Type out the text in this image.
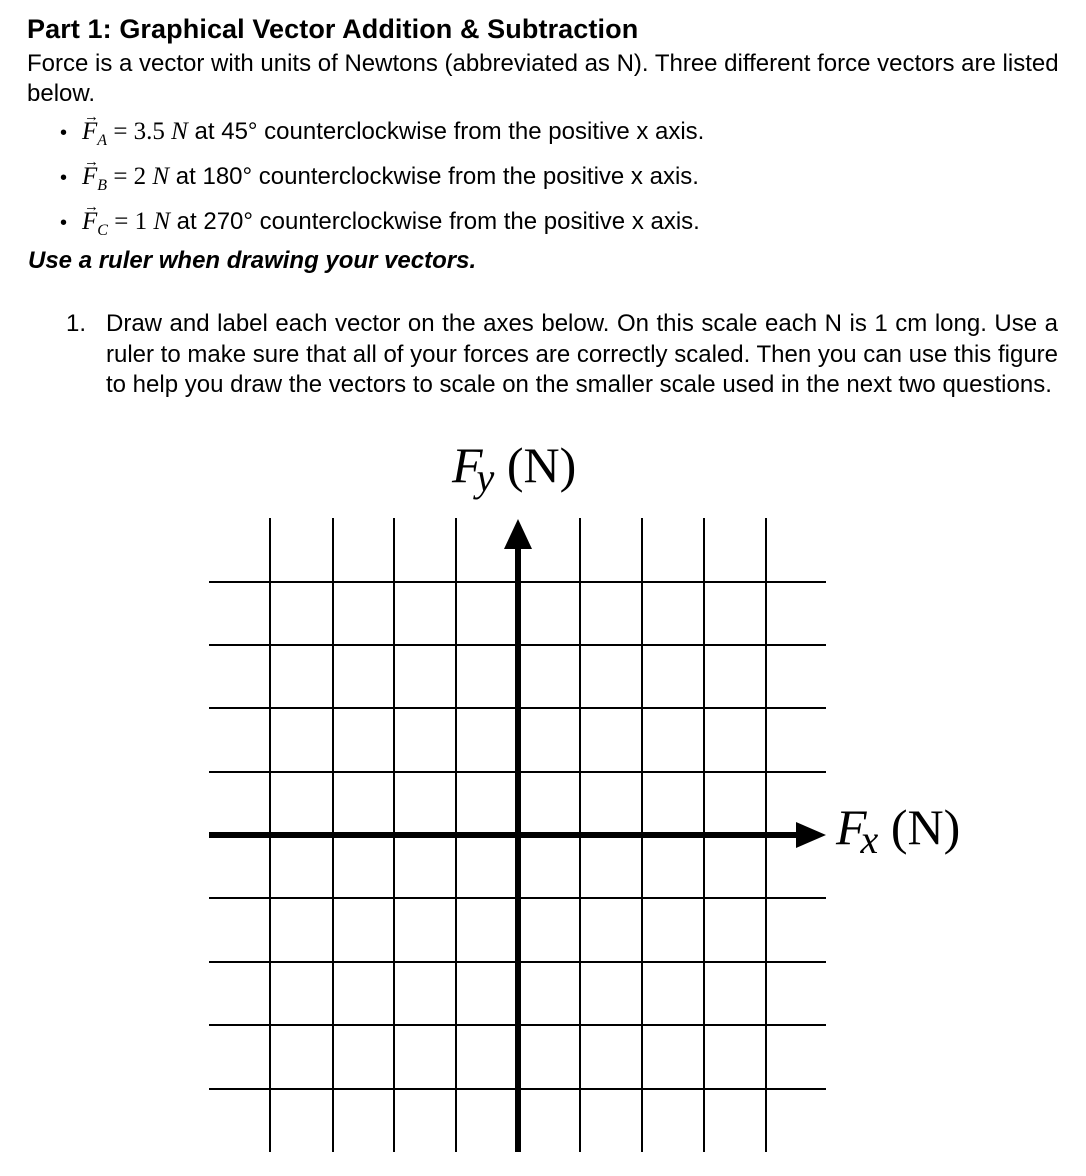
Part 1: Graphical Vector Addition & Subtraction
Force is a vector with units of Newtons (abbreviated as N). Three different force vectors are listed below.
• → $F_A = 3.5$ N
at 45° counterclockwise from the positive x axis.
• → $F_B = 2$ N
at 180° counterclockwise from the positive x axis.
• → $F_C = 1$ N
at 270° counterclockwise from the positive x axis.
Use a ruler when drawing your vectors.
1. Draw and label each vector on the axes below. On this scale each N is 1 cm long. Use a ruler to make sure that all of your forces are correctly scaled. Then you can use this figure to help you draw the vectors to scale on the smaller scale used in the next two questions.
$F_y$ (N)
$F_x$ (N)
